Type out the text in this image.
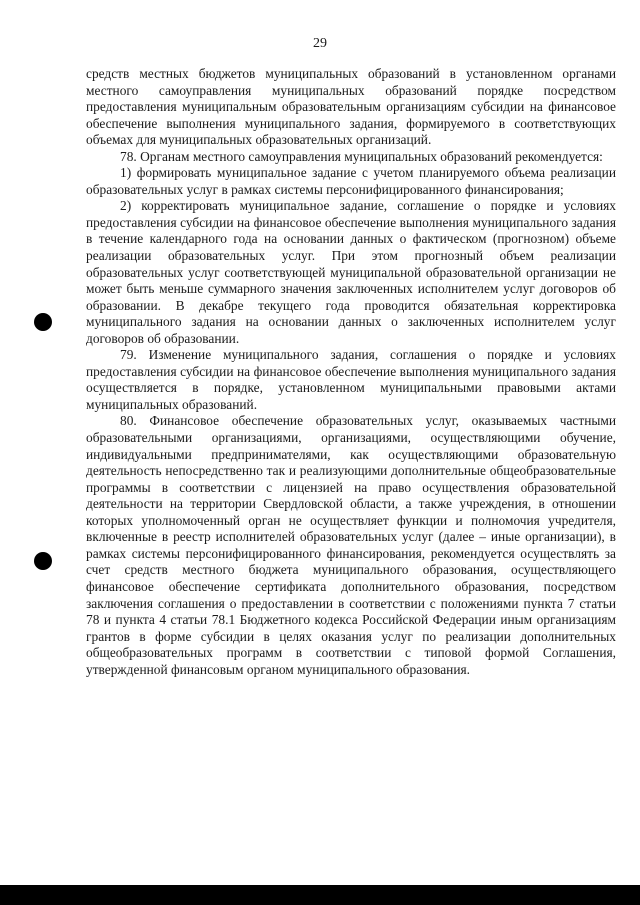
29

средств местных бюджетов муниципальных образований в установленном органами местного самоуправления муниципальных образований порядке посредством предоставления муниципальным образовательным организациям субсидии на финансовое обеспечение выполнения муниципального задания, формируемого в соответствующих объемах для муниципальных образовательных организаций.

78. Органам местного самоуправления муниципальных образований рекомендуется:

1) формировать муниципальное задание с учетом планируемого объема реализации образовательных услуг в рамках системы персонифицированного финансирования;

2) корректировать муниципальное задание, соглашение о порядке и условиях предоставления субсидии на финансовое обеспечение выполнения муниципального задания в течение календарного года на основании данных о фактическом (прогнозном) объеме реализации образовательных услуг. При этом прогнозный объем реализации образовательных услуг соответствующей муниципальной образовательной организации не может быть меньше суммарного значения заключенных исполнителем услуг договоров об образовании. В декабре текущего года проводится обязательная корректировка муниципального задания на основании данных о заключенных исполнителем услуг договоров об образовании.

79. Изменение муниципального задания, соглашения о порядке и условиях предоставления субсидии на финансовое обеспечение выполнения муниципального задания осуществляется в порядке, установленном муниципальными правовыми актами муниципальных образований.

80. Финансовое обеспечение образовательных услуг, оказываемых частными образовательными организациями, организациями, осуществляющими обучение, индивидуальными предпринимателями, как осуществляющими образовательную деятельность непосредственно так и реализующими дополнительные общеобразовательные программы в соответствии с лицензией на право осуществления образовательной деятельности на территории Свердловской области, а также учреждения, в отношении которых уполномоченный орган не осуществляет функции и полномочия учредителя, включенные в реестр исполнителей образовательных услуг (далее – иные организации), в рамках системы персонифицированного финансирования, рекомендуется осуществлять за счет средств местного бюджета муниципального образования, осуществляющего финансовое обеспечение сертификата дополнительного образования, посредством заключения соглашения о предоставлении в соответствии с положениями пункта 7 статьи 78 и пункта 4 статьи 78.1 Бюджетного кодекса Российской Федерации иным организациям грантов в форме субсидии в целях оказания услуг по реализации дополнительных общеобразовательных программ в соответствии с типовой формой Соглашения, утвержденной финансовым органом муниципального образования.
